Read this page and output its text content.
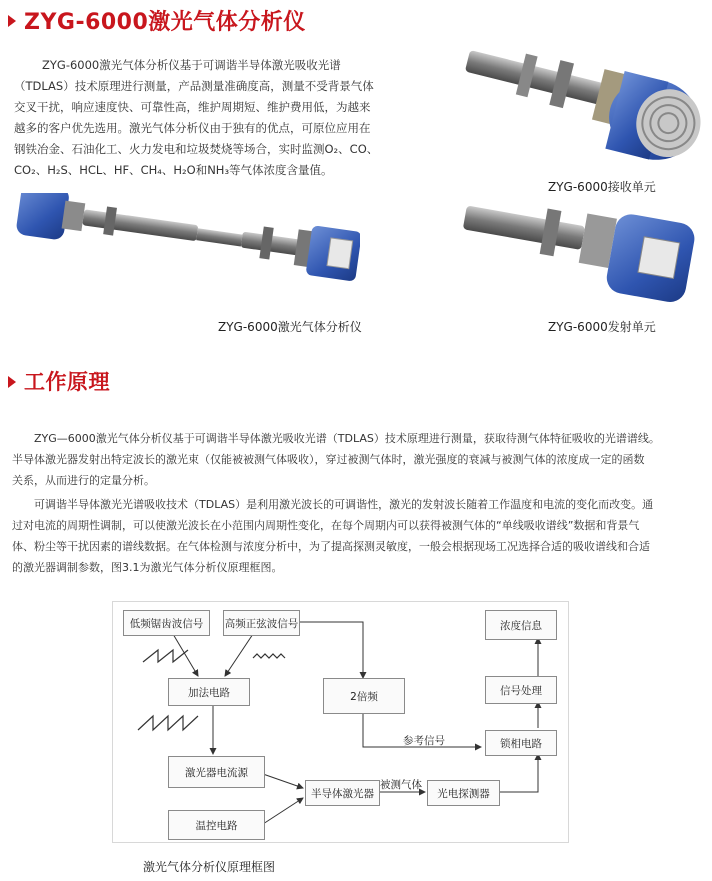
ZYG-6000激光气体分析仪
ZYG-6000激光气体分析仪基于可调谐半导体激光吸收光谱
（TDLAS）技术原理进行测量，产品测量准确度高，测量不受背景气体
交叉干扰，响应速度快、可靠性高，维护周期短、维护费用低，为越来
越多的客户优先选用。激光气体分析仪由于独有的优点，可原位应用在
钢铁冶金、石油化工、火力发电和垃圾焚烧等场合，实时监测O₂、CO、
CO₂、H₂S、HCL、HF、CH₄、H₂O和NH₃等气体浓度含量值。
ZYG-6000接收单元
ZYG-6000激光气体分析仪	ZYG-6000发射单元
工作原理
ZYG—6000激光气体分析仪基于可调谐半导体激光吸收光谱（TDLAS）技术原理进行测量，获取待测气体特征吸收的光谱谱线。
半导体激光器发射出特定波长的激光束（仅能被被测气体吸收），穿过被测气体时，激光强度的衰减与被测气体的浓度成一定的函数
关系，从而进行的定量分析。
可调谐半导体激光光谱吸收技术（TDLAS）是利用激光波长的可调谐性，激光的发射波长随着工作温度和电流的变化而改变。通
过对电流的周期性调制，可以使激光波长在小范围内周期性变化，在每个周期内可以获得被测气体的“单线吸收谱线”数据和背景气
体、粉尘等干扰因素的谱线数据。在气体检测与浓度分析中，为了提高探测灵敏度，一般会根据现场工况选择合适的吸收谱线和合适
的激光器调制参数，图3.1为激光气体分析仪原理框图。
低频锯齿波信号	高频正弦波信号
加法电路	2倍频
激光器电流源
温控电路
半导体激光器	光电探测器
锁相电路
信号处理
浓度信息
参考信号
被测气体
激光气体分析仪原理框图
